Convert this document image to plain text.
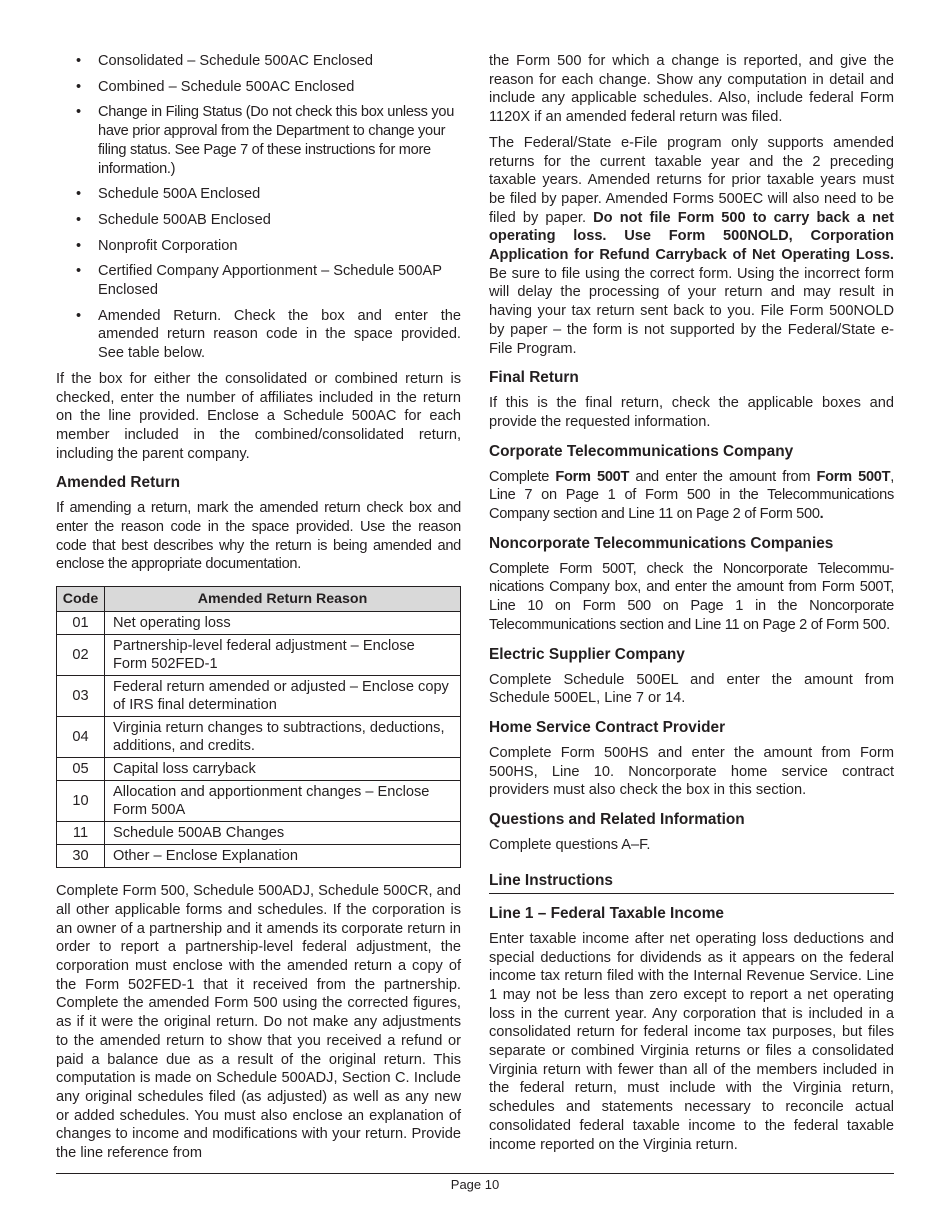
• Consolidated – Schedule 500AC Enclosed
• Combined – Schedule 500AC Enclosed
• Change in Filing Status (Do not check this box unless you have prior approval from the Department to change your filing status. See Page 7 of these instructions for more information.)
• Schedule 500A Enclosed
• Schedule 500AB Enclosed
• Nonprofit Corporation
• Certified Company Apportionment – Schedule 500AP Enclosed
• Amended Return. Check the box and enter the amended return reason code in the space provided. See table below.

If the box for either the consolidated or combined return is checked, enter the number of affiliates included in the return on the line provided. Enclose a Schedule 500AC for each member included in the combined/consolidated return, including the parent company.

Amended Return

If amending a return, mark the amended return check box and enter the reason code in the space provided. Use the reason code that best describes why the return is being amended and enclose the appropriate documentation.

Code	Amended Return Reason
01	Net operating loss
02	Partnership-level federal adjustment – Enclose Form 502FED-1
03	Federal return amended or adjusted – Enclose copy of IRS final determination
04	Virginia return changes to subtractions, deductions, additions, and credits.
05	Capital loss carryback
10	Allocation and apportionment changes – Enclose Form 500A
11	Schedule 500AB Changes
30	Other – Enclose Explanation

Complete Form 500, Schedule 500ADJ, Schedule 500CR, and all other applicable forms and schedules. If the corporation is an owner of a partnership and it amends its corporate return in order to report a partnership-level federal adjustment, the corporation must enclose with the amended return a copy of the Form 502FED-1 that it received from the partnership. Complete the amended Form 500 using the corrected figures, as if it were the original return. Do not make any adjustments to the amended return to show that you received a refund or paid a balance due as a result of the original return. This computation is made on Schedule 500ADJ, Section C. Include any original schedules filed (as adjusted) as well as any new or added schedules. You must also enclose an explanation of changes to income and modifications with your return. Provide the line reference from

the Form 500 for which a change is reported, and give the reason for each change. Show any computation in detail and include any applicable schedules. Also, include federal Form 1120X if an amended federal return was filed.

The Federal/State e-File program only supports amended returns for the current taxable year and the 2 preceding taxable years. Amended returns for prior taxable years must be filed by paper. Amended Forms 500EC will also need to be filed by paper. Do not file Form 500 to carry back a net operating loss. Use Form 500NOLD, Corporation Application for Refund Carryback of Net Operating Loss. Be sure to file using the correct form. Using the incorrect form will delay the processing of your return and may result in having your tax return sent back to you. File Form 500NOLD by paper – the form is not supported by the Federal/State e-File Program.

Final Return

If this is the final return, check the applicable boxes and provide the requested information.

Corporate Telecommunications Company

Complete Form 500T and enter the amount from Form 500T, Line 7 on Page 1 of Form 500 in the Telecommunications Company section and Line 11 on Page 2 of Form 500.

Noncorporate Telecommunications Companies

Complete Form 500T, check the Noncorporate Telecommu-nications Company box, and enter the amount from Form 500T, Line 10 on Form 500 on Page 1 in the Noncorporate Telecommunications section and Line 11 on Page 2 of Form 500.

Electric Supplier Company

Complete Schedule 500EL and enter the amount from Schedule 500EL, Line 7 or 14.

Home Service Contract Provider

Complete Form 500HS and enter the amount from Form 500HS, Line 10. Noncorporate home service contract providers must also check the box in this section.

Questions and Related Information

Complete questions A–F.

Line Instructions
Line 1 – Federal Taxable Income

Enter taxable income after net operating loss deductions and special deductions for dividends as it appears on the federal income tax return filed with the Internal Revenue Service. Line 1 may not be less than zero except to report a net operating loss in the current year. Any corporation that is included in a consolidated return for federal income tax purposes, but files separate or combined Virginia returns or files a consolidated Virginia return with fewer than all of the members included in the federal return, must include with the Virginia return, schedules and statements necessary to reconcile actual consolidated federal taxable income to the federal taxable income reported on the Virginia return.

Page 10
